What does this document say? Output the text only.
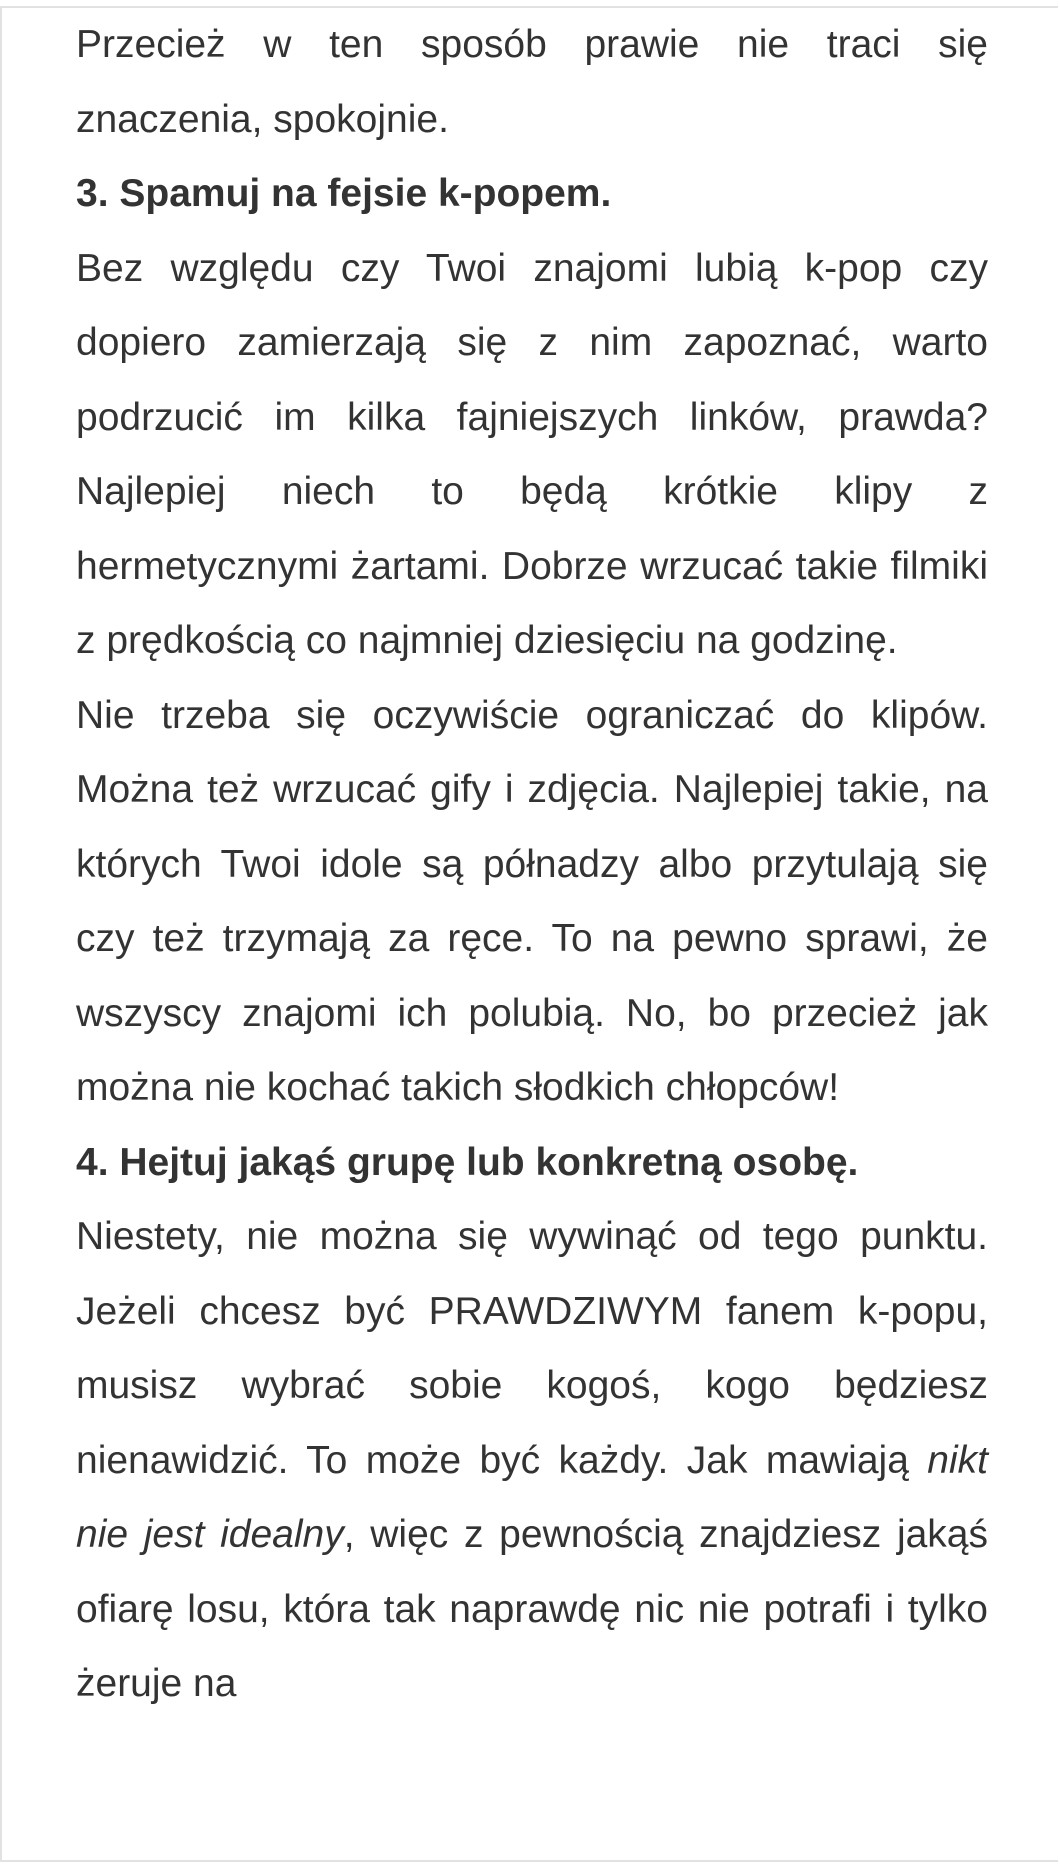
Przecież w ten sposób prawie nie traci się znaczenia, spokojnie.

3. Spamuj na fejsie k-popem.

Bez względu czy Twoi znajomi lubią k-pop czy dopiero zamierzają się z nim zapoznać, warto podrzucić im kilka fajniejszych linków, prawda? Najlepiej niech to będą krótkie klipy z hermetycznymi żartami. Dobrze wrzucać takie filmiki z prędkością co najmniej dziesięciu na godzinę.

Nie trzeba się oczywiście ograniczać do klipów. Można też wrzucać gify i zdjęcia. Najlepiej takie, na których Twoi idole są półnadzy albo przytulają się czy też trzymają za ręce. To na pewno sprawi, że wszyscy znajomi ich polubią. No, bo przecież jak można nie kochać takich słodkich chłopców!

4. Hejtuj jakąś grupę lub konkretną osobę.

Niestety, nie można się wywinąć od tego punktu. Jeżeli chcesz być PRAWDZIWYM fanem k-popu, musisz wybrać sobie kogoś, kogo będziesz nienawidzić. To może być każdy. Jak mawiają nikt nie jest idealny, więc z pewnością znajdziesz jakąś ofiarę losu, która tak naprawdę nic nie potrafi i tylko żeruje na
